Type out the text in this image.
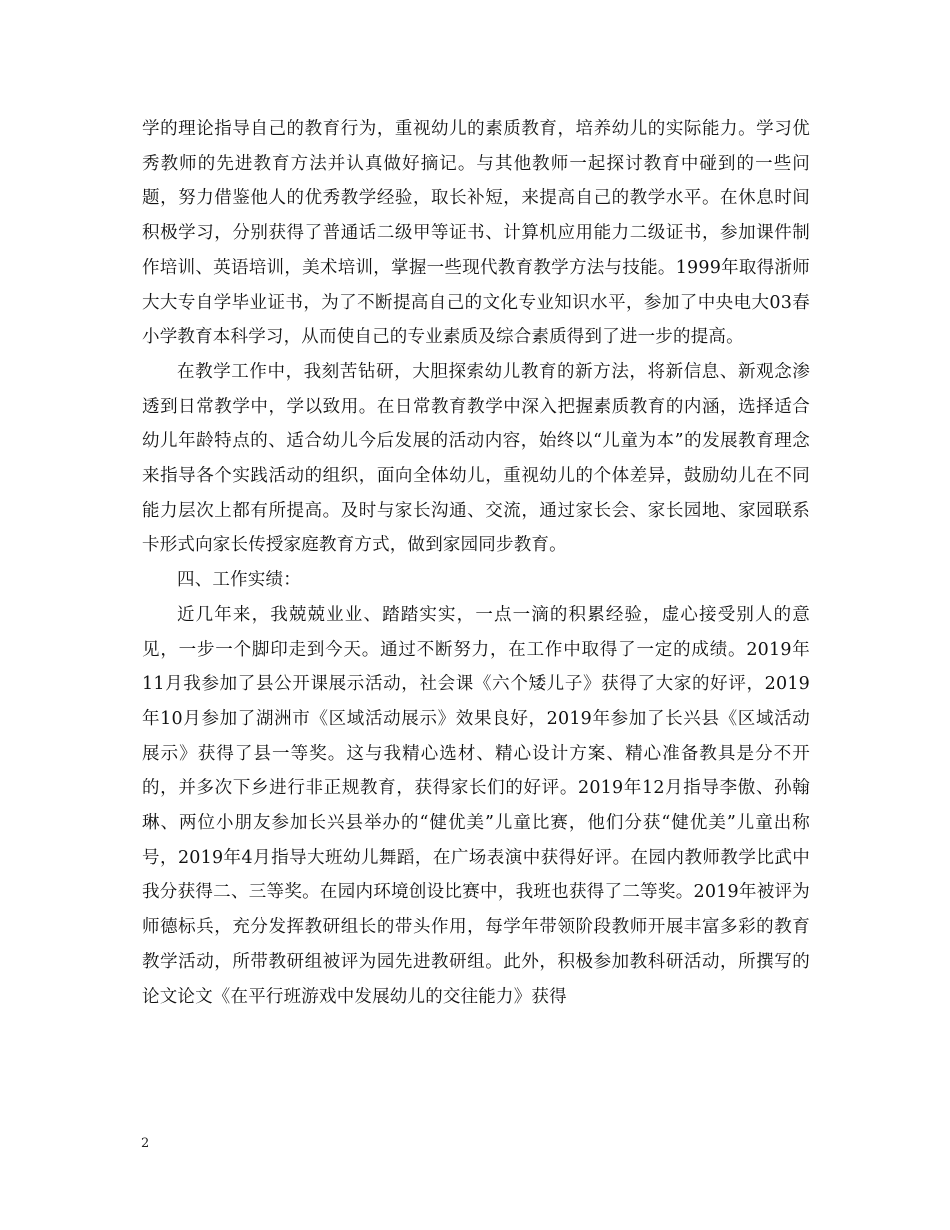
学的理论指导自己的教育行为，重视幼儿的素质教育，培养幼儿的实际能力。学习优秀教师的先进教育方法并认真做好摘记。与其他教师一起探讨教育中碰到的一些问题，努力借鉴他人的优秀教学经验，取长补短，来提高自己的教学水平。在休息时间积极学习，分别获得了普通话二级甲等证书、计算机应用能力二级证书，参加课件制作培训、英语培训，美术培训，掌握一些现代教育教学方法与技能。1999年取得浙师大大专自学毕业证书，为了不断提高自己的文化专业知识水平，参加了中央电大03春小学教育本科学习，从而使自己的专业素质及综合素质得到了进一步的提高。

在教学工作中，我刻苦钻研，大胆探索幼儿教育的新方法，将新信息、新观念渗透到日常教学中，学以致用。在日常教育教学中深入把握素质教育的内涵，选择适合幼儿年龄特点的、适合幼儿今后发展的活动内容，始终以“儿童为本”的发展教育理念来指导各个实践活动的组织，面向全体幼儿，重视幼儿的个体差异，鼓励幼儿在不同能力层次上都有所提高。及时与家长沟通、交流，通过家长会、家长园地、家园联系卡形式向家长传授家庭教育方式，做到家园同步教育。

四、工作实绩：

近几年来，我兢兢业业、踏踏实实，一点一滴的积累经验，虚心接受别人的意见，一步一个脚印走到今天。通过不断努力，在工作中取得了一定的成绩。2019年11月我参加了县公开课展示活动，社会课《六个矮儿子》获得了大家的好评，2019年10月参加了湖洲市《区域活动展示》效果良好，2019年参加了长兴县《区域活动展示》获得了县一等奖。这与我精心选材、精心设计方案、精心准备教具是分不开的，并多次下乡进行非正规教育，获得家长们的好评。2019年12月指导李傲、孙翰琳、两位小朋友参加长兴县举办的“健优美”儿童比赛，他们分获“健优美”儿童出称号，2019年4月指导大班幼儿舞蹈，在广场表演中获得好评。在园内教师教学比武中我分获得二、三等奖。在园内环境创设比赛中，我班也获得了二等奖。2019年被评为师德标兵，充分发挥教研组长的带头作用，每学年带领阶段教师开展丰富多彩的教育教学活动，所带教研组被评为园先进教研组。此外，积极参加教科研活动，所撰写的论文论文《在平行班游戏中发展幼儿的交往能力》获得

2
